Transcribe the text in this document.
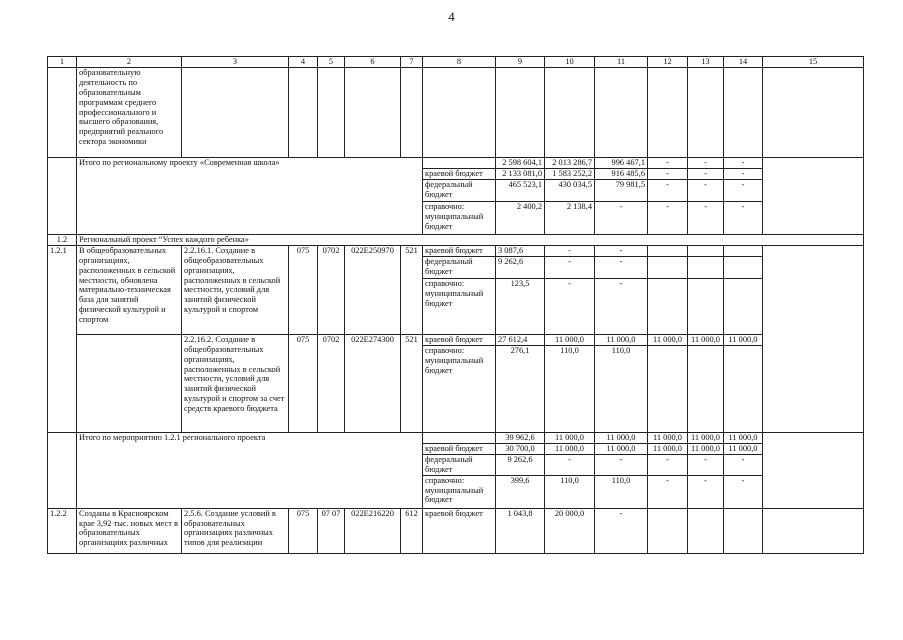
4
1	2	3	4	5	6	7	8	9	10	11	12	13	14	15
	образовательную деятельность по образовательным программам среднего профессионального и высшего образования, предприятий реального сектора экономики													
	Итого по региональному проекту «Современная школа»							2 598 604,1	2 013 286,7	996 467,1	-	-	-	
							краевой бюджет	2 133 081,0	1 583 252,2	916 485,6	-	-	-	
							федеральный бюджет	465 523,1	430 034,5	79 981,5	-	-	-	
							справочно: муниципальный бюджет	2 400,2	2 138,4	-	-	-	-	
1.2	Региональный проект “Успех каждого ребенка»													
1.2.1	В общеобразовательных организациях, расположенных в сельской местности, обновлена материально-техническая база для занятий физической культурой и спортом	2.2.16.1. Создание в общеобразовательных организациях, расположенных в сельской местности, условий для занятий физической культурой и спортом	075	0702	022E250970	521	краевой бюджет	3 087,6	-	-				
							федеральный бюджет	9 262,6	-	-				
							справочно: муниципальный бюджет	123,5	-	-				
		2.2.16.2. Создание в общеобразовательных организациях, расположенных в сельской местности, условий для занятий физической культурой и спортом за счет средств краевого бюджета	075	0702	022E274300	521	краевой бюджет	27 612,4	11 000,0	11 000,0	11 000,0	11 000,0	11 000,0	
							справочно: муниципальный бюджет	276,1	110,0	110,0				
	Итого по мероприятию 1.2.1 регионального проекта							39 962,6	11 000,0	11 000,0	11 000,0	11 000,0	11 000,0	
							краевой бюджет	30 700,0	11 000,0	11 000,0	11 000,0	11 000,0	11 000,0	
							федеральный бюджет	9 262,6	-	-	-	-	-	
							справочно: муниципальный бюджет	399,6	110,0	110,0	-	-	-	
1.2.2	Созданы в Красноярском крае 3,92 тыс. новых мест в образовательных организациях различных	2.5.6. Создание условий в образовательных организациях различных типов для реализации	075	07 07	022E216220	612	краевой бюджет	1 043,8	20 000,0	-				
